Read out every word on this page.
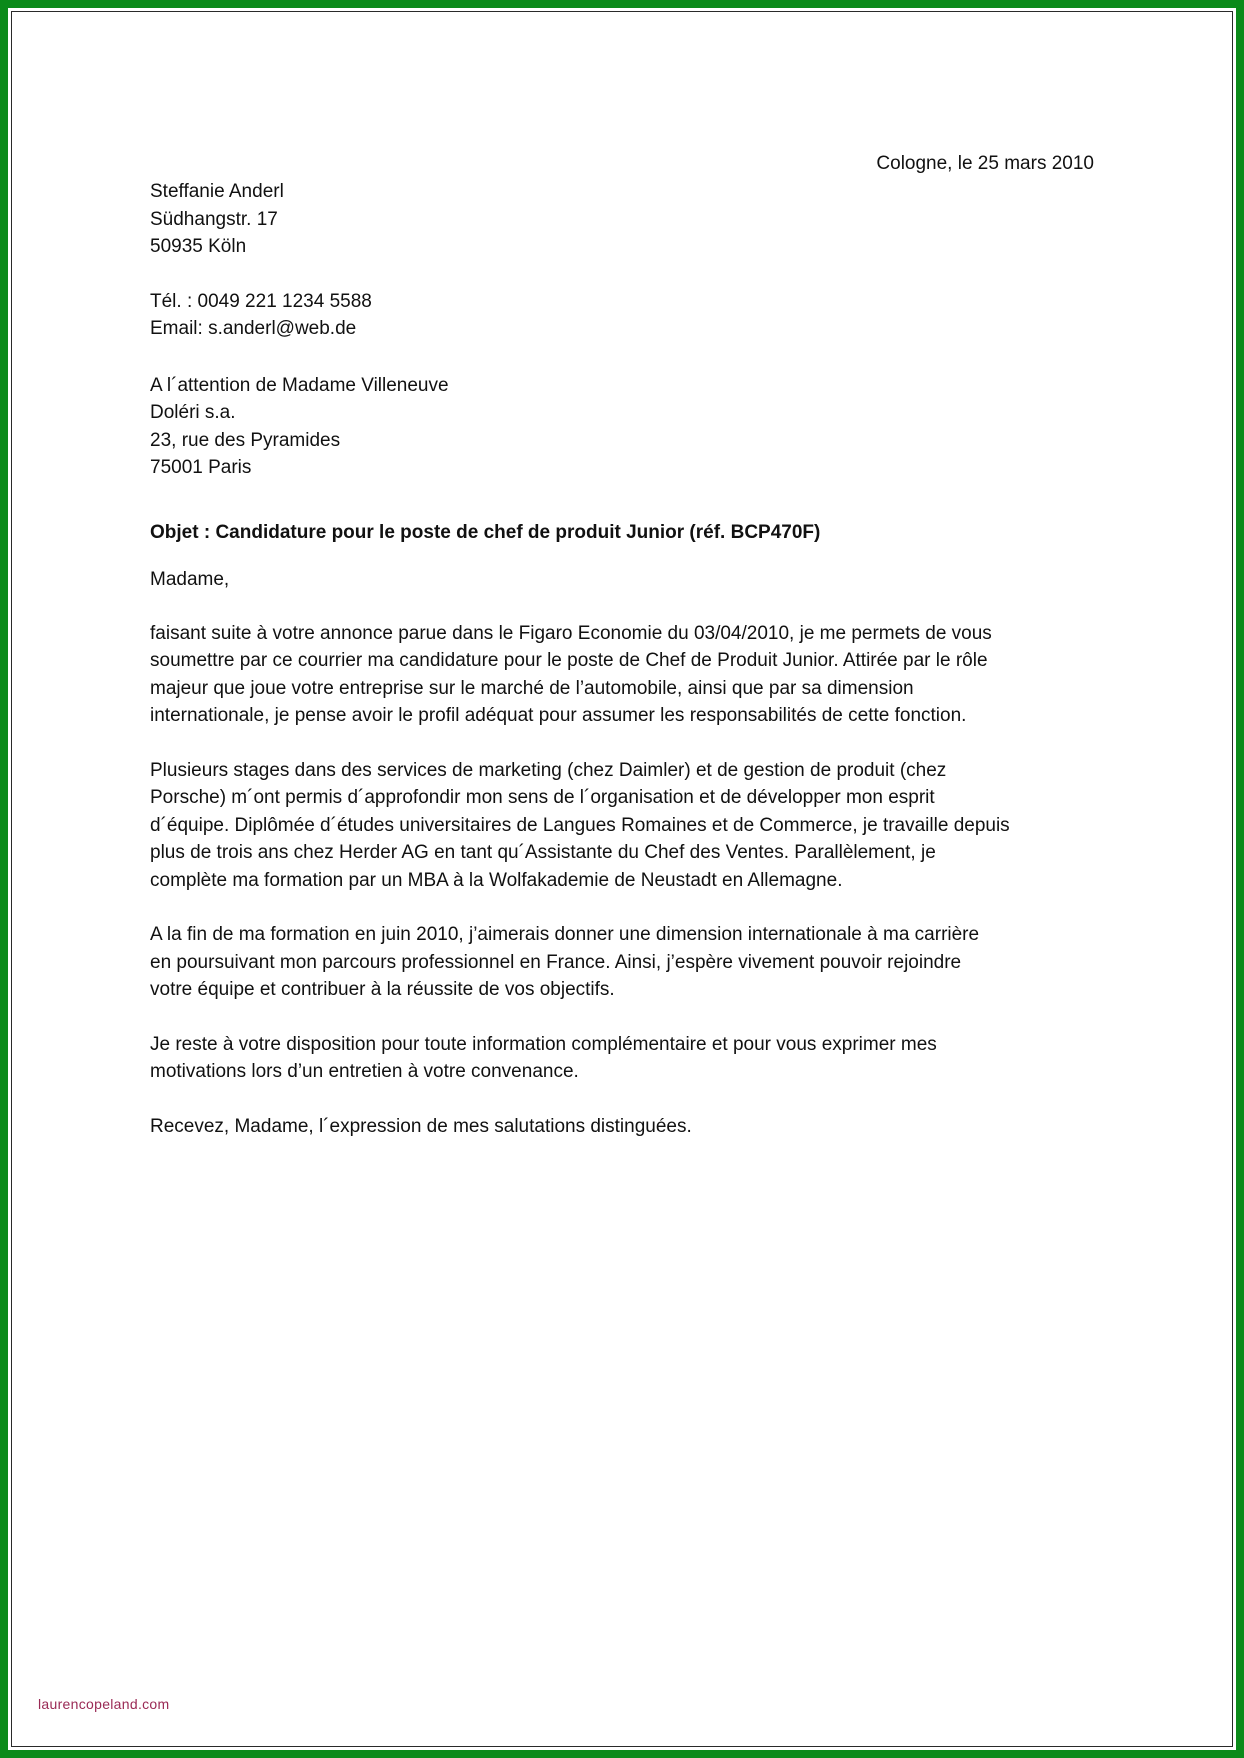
Cologne, le 25 mars 2010
Steffanie Anderl
Südhangstr. 17
50935 Köln
Tél. : 0049 221 1234 5588
Email: s.anderl@web.de
A l´attention de Madame Villeneuve
Doléri s.a.
23, rue des Pyramides
75001 Paris
Objet : Candidature pour le poste de chef de produit Junior (réf. BCP470F)
Madame,
faisant suite à votre annonce parue dans le Figaro Economie du 03/04/2010, je me permets de vous
soumettre par ce courrier ma candidature pour le poste de Chef de Produit Junior. Attirée par le rôle
majeur que joue votre entreprise sur le marché de l’automobile, ainsi que par sa dimension
internationale, je pense avoir le profil adéquat pour assumer les responsabilités de cette fonction.
Plusieurs stages dans des services de marketing (chez Daimler) et de gestion de produit (chez
Porsche) m´ont permis d´approfondir mon sens de l´organisation et de développer mon esprit
d´équipe. Diplômée d´études universitaires de Langues Romaines et de Commerce, je travaille depuis
plus de trois ans chez Herder AG en tant qu´Assistante du Chef des Ventes. Parallèlement, je
complète ma formation par un MBA à la Wolfakademie de Neustadt en Allemagne.
A la fin de ma formation en juin 2010, j’aimerais donner une dimension internationale à ma carrière
en poursuivant mon parcours professionnel en France. Ainsi, j’espère vivement pouvoir rejoindre
votre équipe et contribuer à la réussite de vos objectifs.
Je reste à votre disposition pour toute information complémentaire et pour vous exprimer mes
motivations lors d’un entretien à votre convenance.
Recevez, Madame, l´expression de mes salutations distinguées.
laurencopeland.com
